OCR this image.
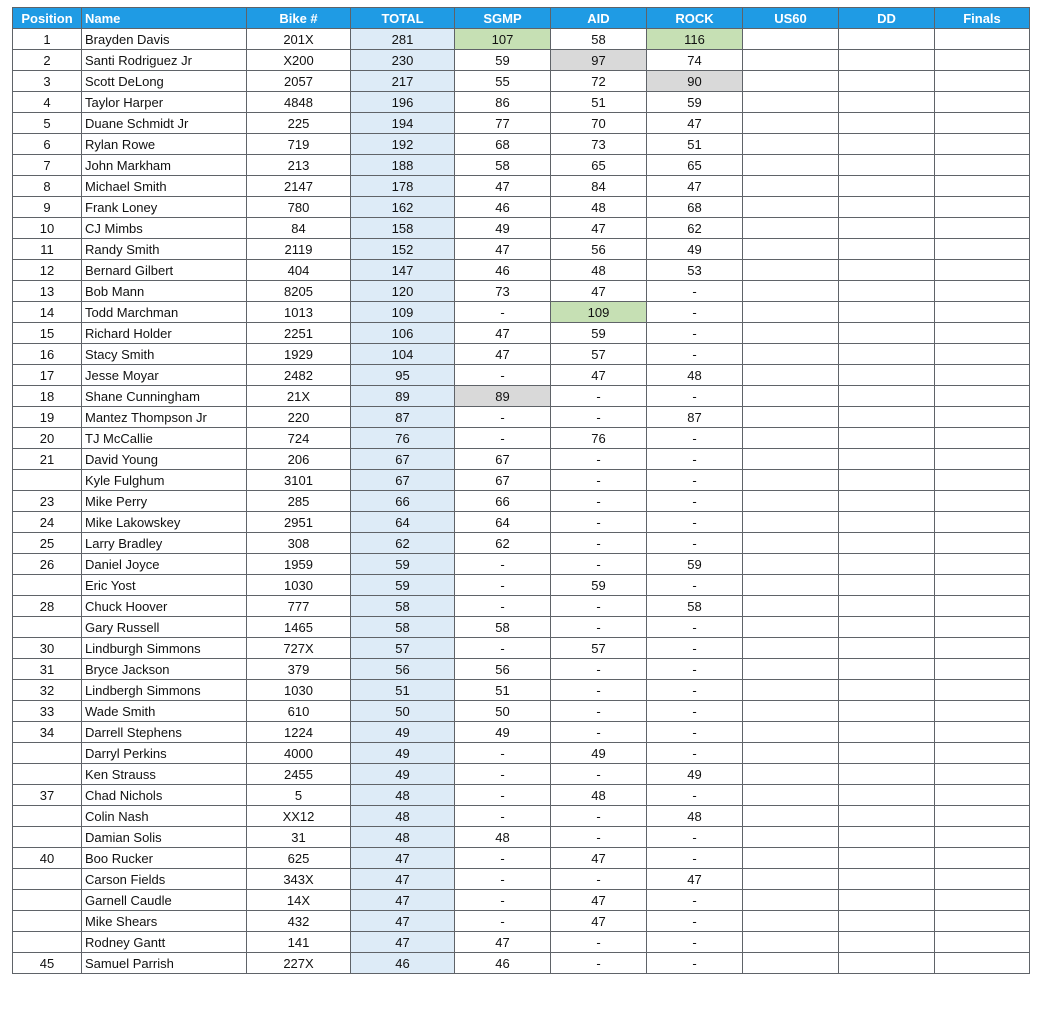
Position	Name	Bike #	TOTAL	SGMP	AID	ROCK	US60	DD	Finals
1	Brayden Davis	201X	281	107	58	116			
2	Santi Rodriguez Jr	X200	230	59	97	74			
3	Scott DeLong	2057	217	55	72	90			
4	Taylor Harper	4848	196	86	51	59			
5	Duane Schmidt Jr	225	194	77	70	47			
6	Rylan Rowe	719	192	68	73	51			
7	John Markham	213	188	58	65	65			
8	Michael Smith	2147	178	47	84	47			
9	Frank Loney	780	162	46	48	68			
10	CJ Mimbs	84	158	49	47	62			
11	Randy Smith	2119	152	47	56	49			
12	Bernard Gilbert	404	147	46	48	53			
13	Bob Mann	8205	120	73	47	-			
14	Todd Marchman	1013	109	-	109	-			
15	Richard Holder	2251	106	47	59	-			
16	Stacy Smith	1929	104	47	57	-			
17	Jesse Moyar	2482	95	-	47	48			
18	Shane Cunningham	21X	89	89	-	-			
19	Mantez Thompson Jr	220	87	-	-	87			
20	TJ McCallie	724	76	-	76	-			
21	David Young	206	67	67	-	-			
	Kyle Fulghum	3101	67	67	-	-			
23	Mike Perry	285	66	66	-	-			
24	Mike Lakowskey	2951	64	64	-	-			
25	Larry Bradley	308	62	62	-	-			
26	Daniel Joyce	1959	59	-	-	59			
	Eric Yost	1030	59	-	59	-			
28	Chuck Hoover	777	58	-	-	58			
	Gary Russell	1465	58	58	-	-			
30	Lindburgh Simmons	727X	57	-	57	-			
31	Bryce Jackson	379	56	56	-	-			
32	Lindbergh Simmons	1030	51	51	-	-			
33	Wade Smith	610	50	50	-	-			
34	Darrell Stephens	1224	49	49	-	-			
	Darryl Perkins	4000	49	-	49	-			
	Ken Strauss	2455	49	-	-	49			
37	Chad Nichols	5	48	-	48	-			
	Colin Nash	XX12	48	-	-	48			
	Damian Solis	31	48	48	-	-			
40	Boo Rucker	625	47	-	47	-			
	Carson Fields	343X	47	-	-	47			
	Garnell Caudle	14X	47	-	47	-			
	Mike Shears	432	47	-	47	-			
	Rodney Gantt	141	47	47	-	-			
45	Samuel Parrish	227X	46	46	-	-			
